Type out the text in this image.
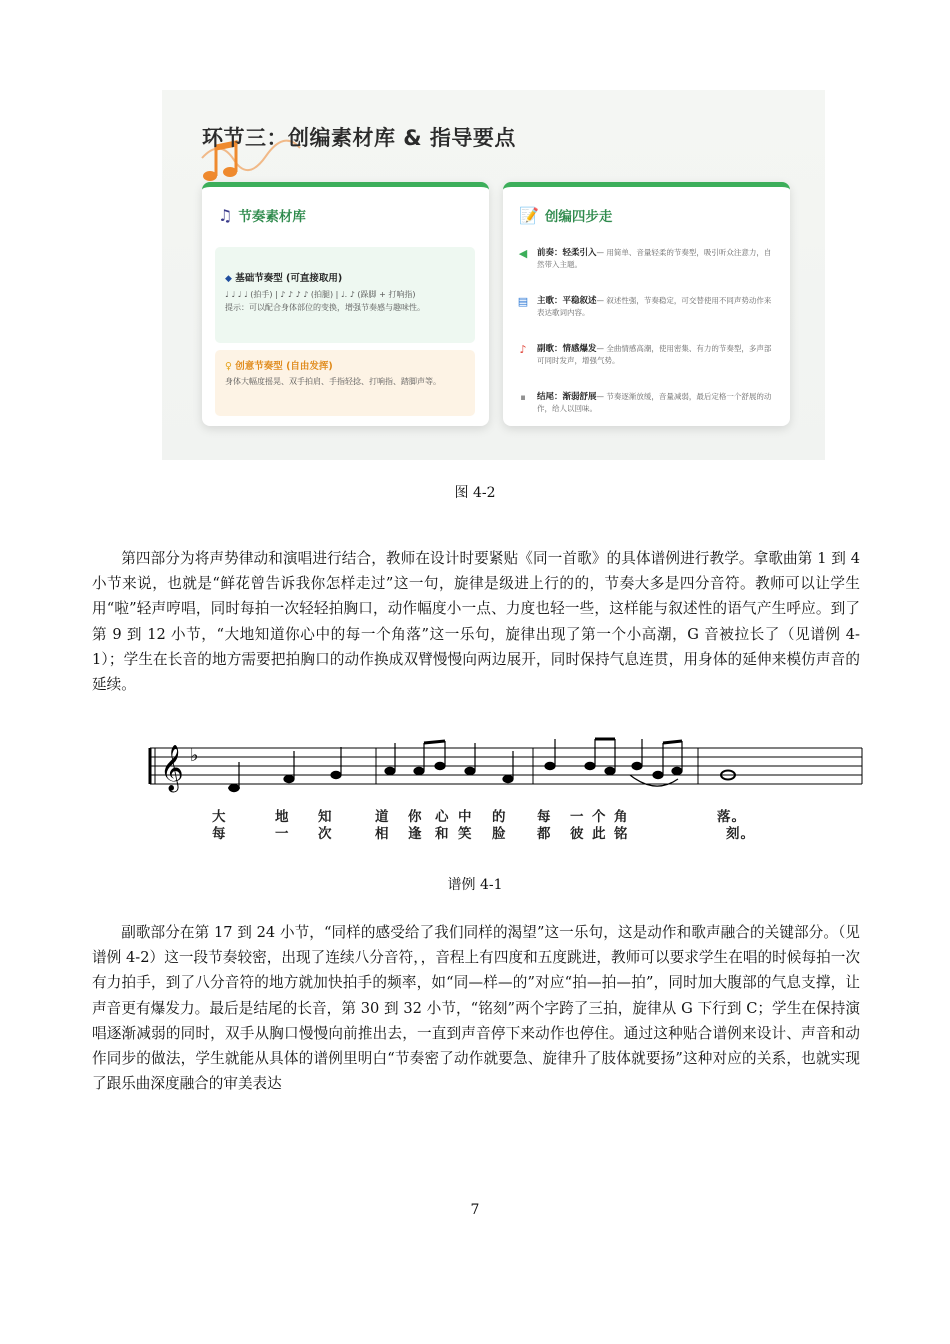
环节三：创编素材库 & 指导要点
♫ 节奏素材库
◆ 基础节奏型 (可直接取用)
♩ ♩ ♩ ♩ (拍手) | ♪ ♪ ♪ ♪ (拍腿) | ♩. ♪ (跺脚 + 打响指)
提示：可以配合身体部位的变换，增强节奏感与趣味性。
♀ 创意节奏型 (自由发挥)
身体大幅度摇晃、双手拍肩、手指轻捻、打响指、踏脚声等。
📝 创编四步走
◀ 前奏：轻柔引入— 用简单、音量轻柔的节奏型，吸引听众注意力，自然带入主题。
▤ 主歌：平稳叙述— 叙述性强，节奏稳定，可交替使用不同声势动作来表达歌词内容。
♪ 副歌：情感爆发— 全曲情感高潮，使用密集、有力的节奏型，多声部可同时发声，增强气势。
⏸	结尾：渐弱舒展— 节奏逐渐放缓，音量减弱，最后定格一个舒展的动作，给人以回味。
图 4-2

第四部分为将声势律动和演唱进行结合，教师在设计时要紧贴《同一首歌》的具体谱例进行教学。拿歌曲第 1 到 4 小节来说，也就是“鲜花曾告诉我你怎样走过”这一句，旋律是级进上行的的，节奏大多是四分音符。教师可以让学生用“啦”轻声哼唱，同时每拍一次轻轻拍胸口，动作幅度小一点、力度也轻一些，这样能与叙述性的语气产生呼应。到了第 9 到 12 小节，“大地知道你心中的每一个角落”这一乐句，旋律出现了第一个小高潮，G 音被拉长了（见谱例 4-1）；学生在长音的地方需要把拍胸口的动作换成双臂慢慢向两边展开，同时保持气息连贯，用身体的延伸来模仿声音的延续。

𝄞 ♭
大
每
地
一
知
次
道
相
你
逢
心
和
中
笑
的
脸
每
都
一
彼
个
此
角
铭
落。
刻。
谱例 4-1

副歌部分在第 17 到 24 小节，“同样的感受给了我们同样的渴望”这一乐句，这是动作和歌声融合的关键部分。（见谱例 4-2）这一段节奏较密，出现了连续八分音符，，音程上有四度和五度跳进，教师可以要求学生在唱的时候每拍一次有力拍手，到了八分音符的地方就加快拍手的频率，如“同—样—的”对应“拍—拍—拍”，同时加大腹部的气息支撑，让声音更有爆发力。最后是结尾的长音，第 30 到 32 小节，“铭刻”两个字跨了三拍，旋律从 G 下行到 C；学生在保持演唱逐渐减弱的同时，双手从胸口慢慢向前推出去，一直到声音停下来动作也停住。通过这种贴合谱例来设计、声音和动作同步的做法，学生就能从具体的谱例里明白“节奏密了动作就要急、旋律升了肢体就要扬”这种对应的关系，也就实现了跟乐曲深度融合的审美表达

7
